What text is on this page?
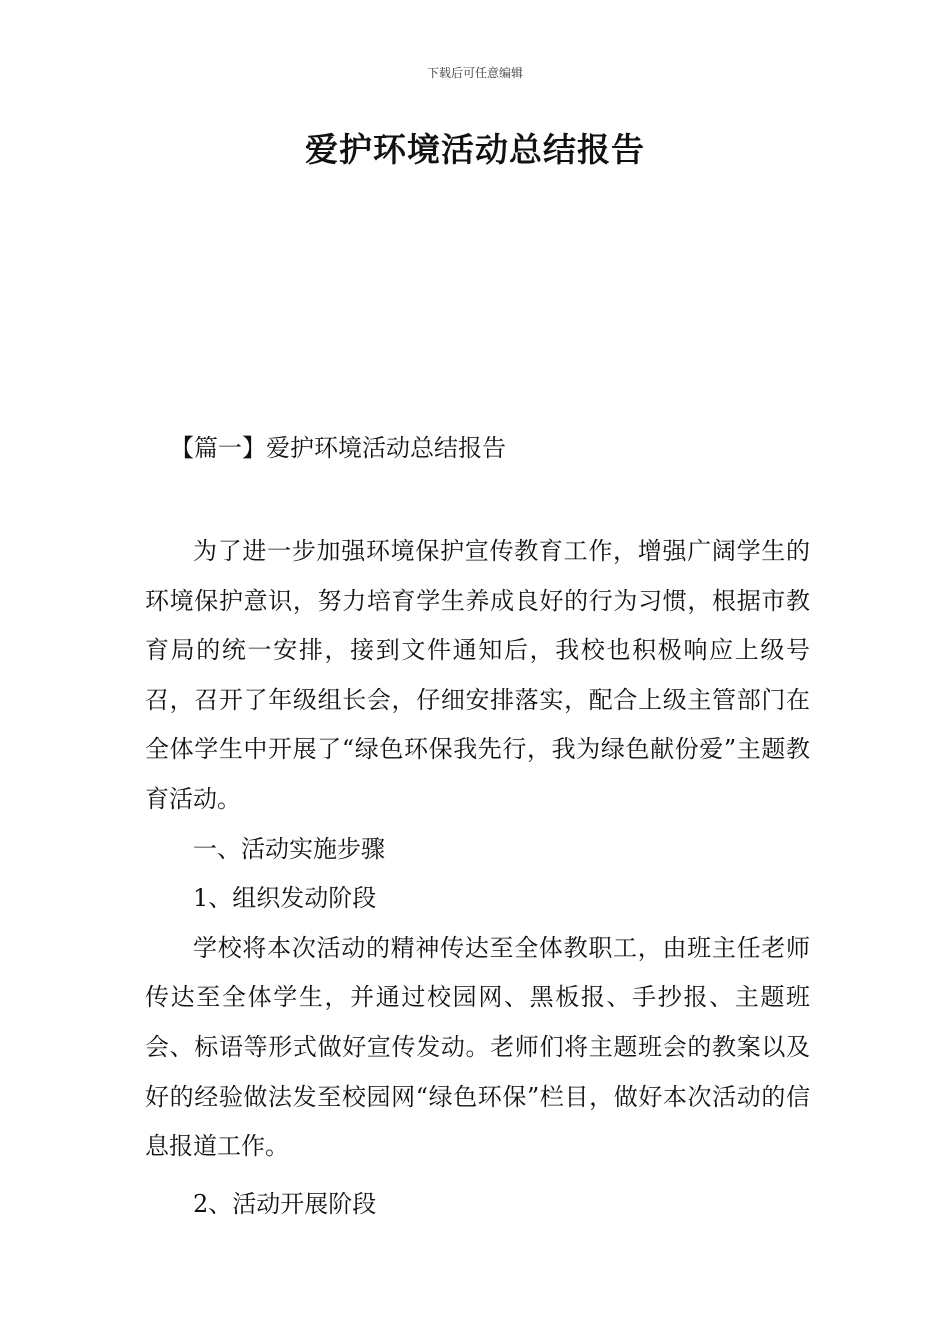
下载后可任意编辑
爱护环境活动总结报告
【篇一】爱护环境活动总结报告

为了进一步加强环境保护宣传教育工作，增强广阔学生的环境保护意识，努力培育学生养成良好的行为习惯，根据市教育局的统一安排，接到文件通知后，我校也积极响应上级号召，召开了年级组长会，仔细安排落实，配合上级主管部门在全体学生中开展了“绿色环保我先行，我为绿色献份爱”主题教育活动。

一、活动实施步骤

1、组织发动阶段

学校将本次活动的精神传达至全体教职工，由班主任老师传达至全体学生，并通过校园网、黑板报、手抄报、主题班会、标语等形式做好宣传发动。老师们将主题班会的教案以及好的经验做法发至校园网“绿色环保”栏目，做好本次活动的信息报道工作。

2、活动开展阶段
